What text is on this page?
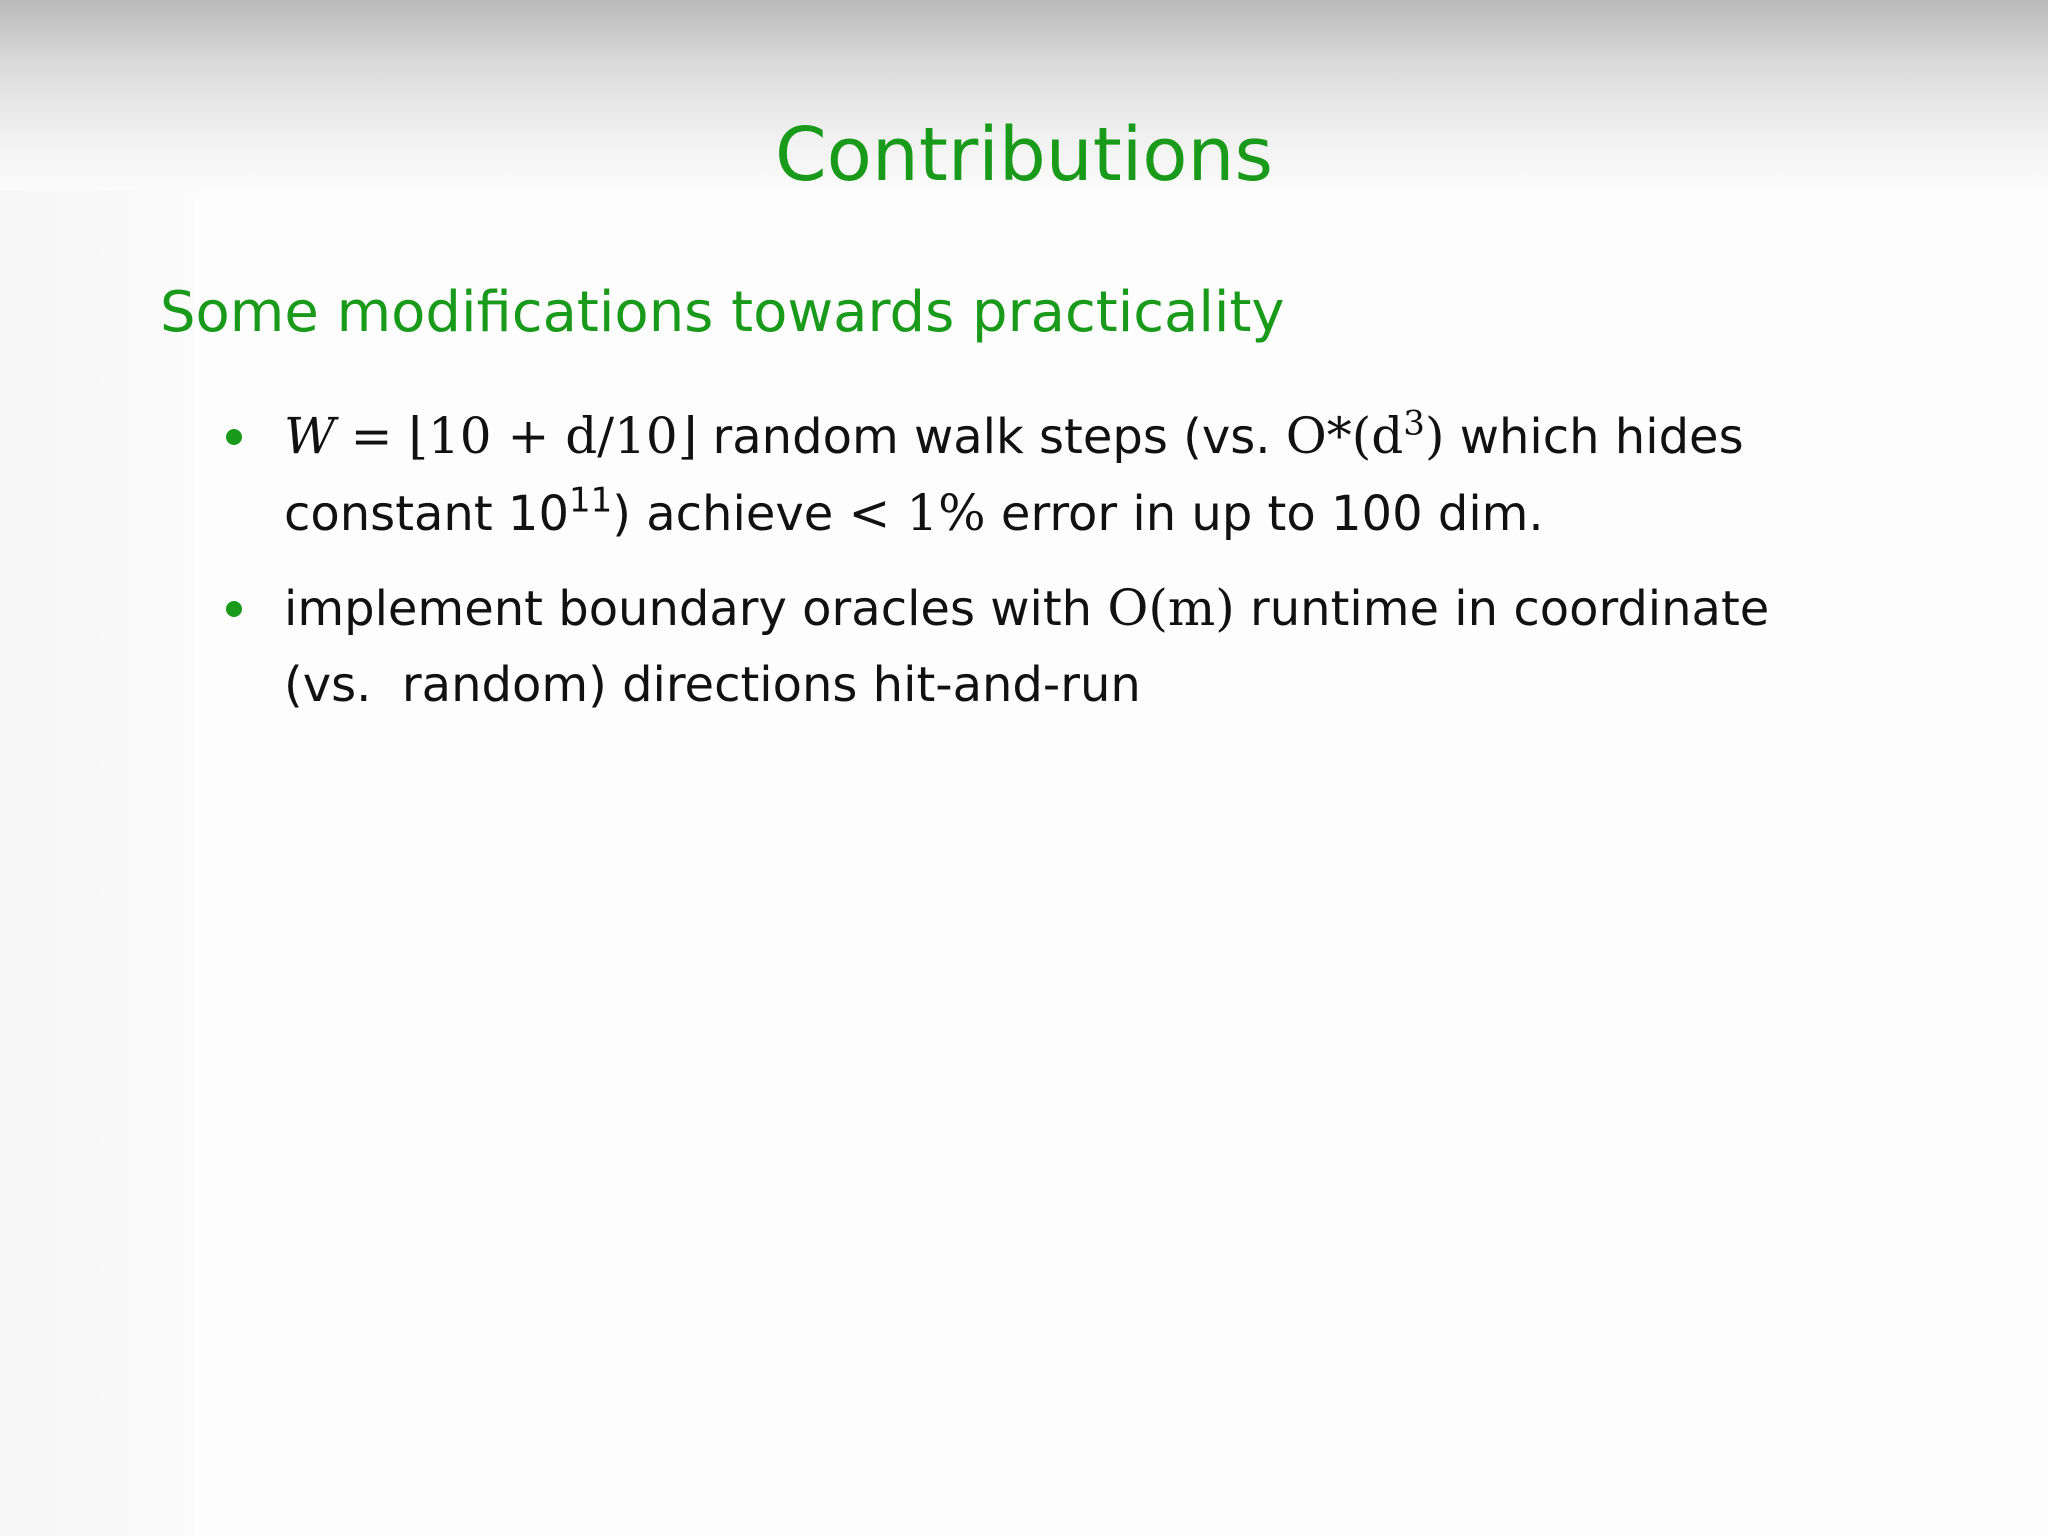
Contributions
Some modifications towards practicality
W = ⌊10 + d/10⌋ random walk steps (vs. $O*(d^3)$ which hides
constant $10^{11}$) achieve < 1% error in up to 100 dim.
implement boundary oracles with O(m) runtime in coordinate
(vs.  random) directions hit-and-run
